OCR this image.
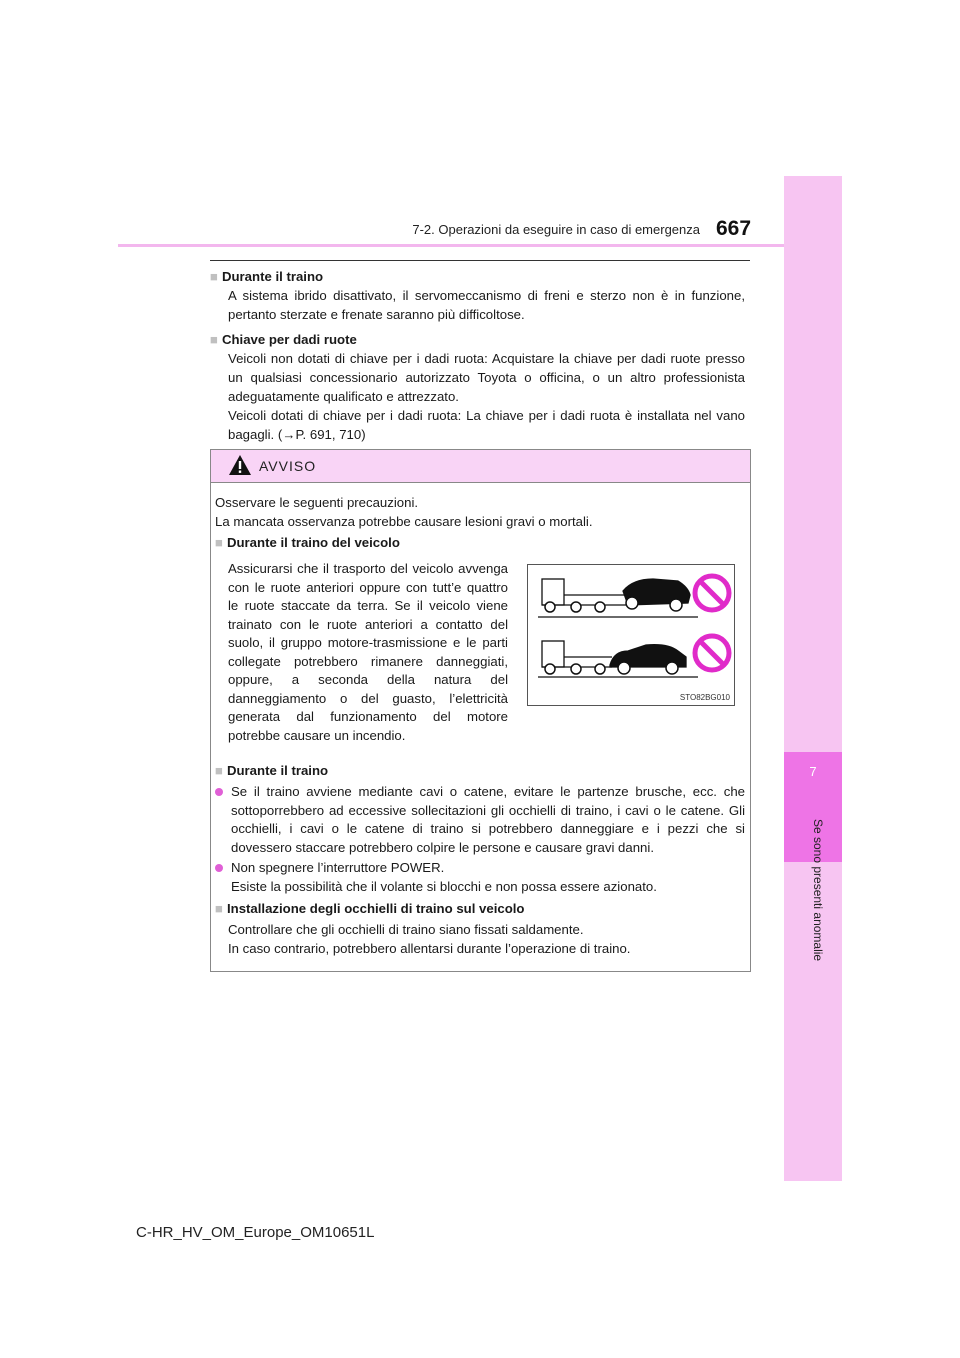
7
Se sono presenti anomalie
7-2. Operazioni da eseguire in caso di emergenza 667
■ Durante il traino
A sistema ibrido disattivato, il servomeccanismo di freni e sterzo non è in funzione, pertanto sterzate e frenate saranno più difficoltose.
■ Chiave per dadi ruote
Veicoli non dotati di chiave per i dadi ruota: Acquistare la chiave per dadi ruote presso un qualsiasi concessionario autorizzato Toyota o officina, o un altro professionista adeguatamente qualificato e attrezzato.
Veicoli dotati di chiave per i dadi ruota: La chiave per i dadi ruota è installata nel vano bagagli. (→P. 691, 710)
AVVISO
Osservare le seguenti precauzioni.
La mancata osservanza potrebbe causare lesioni gravi o mortali.
■ Durante il traino del veicolo
Assicurarsi che il trasporto del veicolo avvenga con le ruote anteriori oppure con tutt’e quattro le ruote staccate da terra. Se il veicolo viene trainato con le ruote anteriori a contatto del suolo, il gruppo motore-trasmissione e le parti collegate potrebbero rimanere danneggiati, oppure, a seconda della natura del danneggiamento o del guasto, l’elettricità generata dal funzionamento del motore potrebbe causare un incendio.
STO82BG010
■ Durante il traino
Se il traino avviene mediante cavi o catene, evitare le partenze brusche, ecc. che sottoporrebbero ad eccessive sollecitazioni gli occhielli di traino, i cavi o le catene. Gli occhielli, i cavi o le catene di traino si potrebbero danneggiare e i pezzi che si dovessero staccare potrebbero colpire le persone e causare gravi danni.
Non spegnere l’interruttore POWER.
Esiste la possibilità che il volante si blocchi e non possa essere azionato.
■ Installazione degli occhielli di traino sul veicolo
Controllare che gli occhielli di traino siano fissati saldamente.
In caso contrario, potrebbero allentarsi durante l’operazione di traino.
C-HR_HV_OM_Europe_OM10651L
